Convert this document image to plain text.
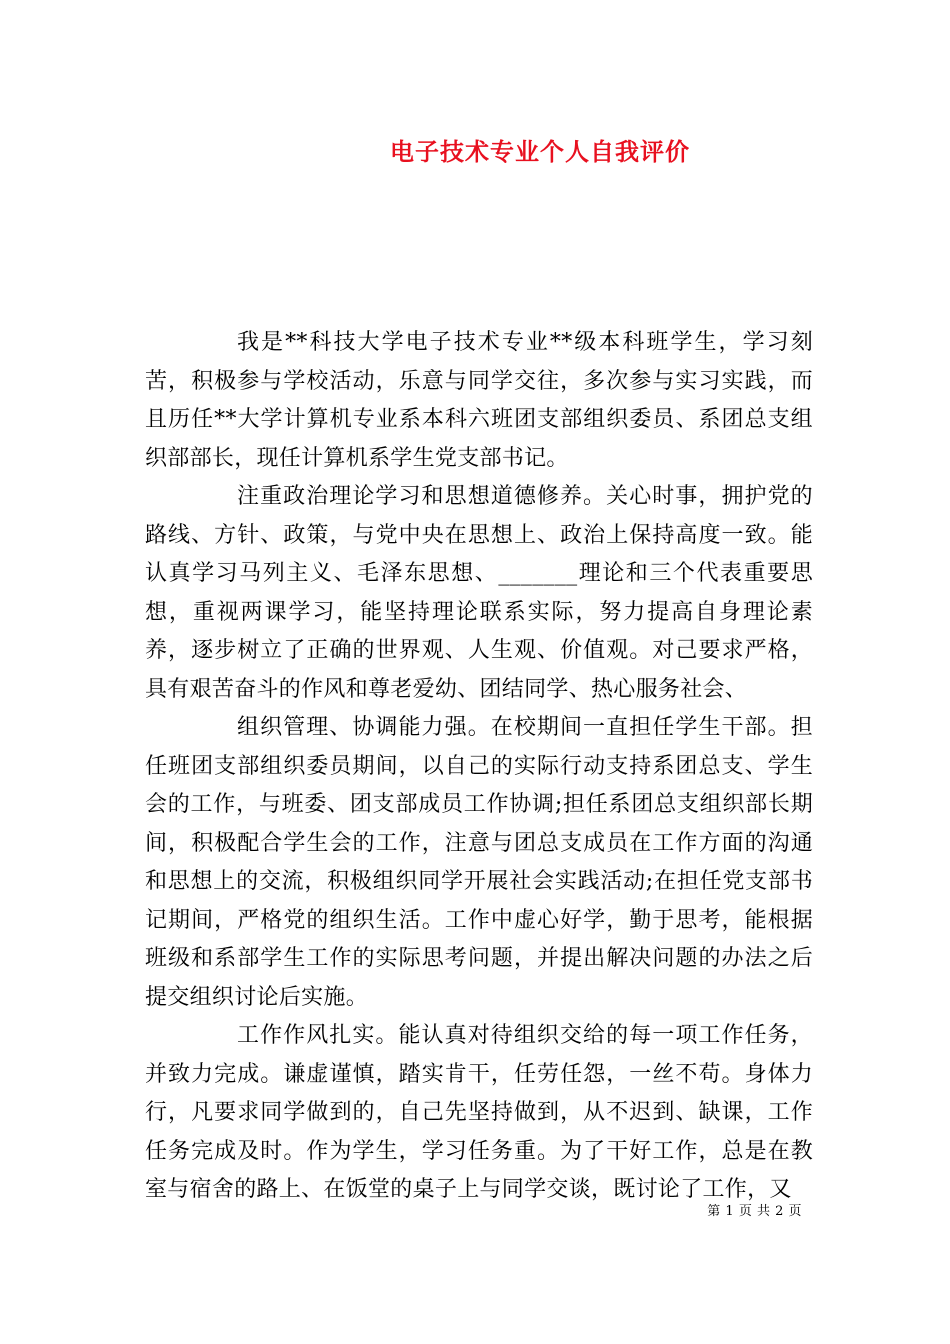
电子技术专业个人自我评价

我是**科技大学电子技术专业**级本科班学生，学习刻苦，积极参与学校活动，乐意与同学交往，多次参与实习实践，而且历任**大学计算机专业系本科六班团支部组织委员、系团总支组织部部长，现任计算机系学生党支部书记。

注重政治理论学习和思想道德修养。关心时事，拥护党的路线、方针、政策，与党中央在思想上、政治上保持高度一致。能认真学习马列主义、毛泽东思想、_______理论和三个代表重要思想，重视两课学习，能坚持理论联系实际，努力提高自身理论素养，逐步树立了正确的世界观、人生观、价值观。对己要求严格，具有艰苦奋斗的作风和尊老爱幼、团结同学、热心服务社会、

组织管理、协调能力强。在校期间一直担任学生干部。担任班团支部组织委员期间，以自己的实际行动支持系团总支、学生会的工作，与班委、团支部成员工作协调;担任系团总支组织部长期间，积极配合学生会的工作，注意与团总支成员在工作方面的沟通和思想上的交流，积极组织同学开展社会实践活动;在担任党支部书记期间，严格党的组织生活。工作中虚心好学，勤于思考，能根据班级和系部学生工作的实际思考问题，并提出解决问题的办法之后提交组织讨论后实施。

工作作风扎实。能认真对待组织交给的每一项工作任务，并致力完成。谦虚谨慎，踏实肯干，任劳任怨，一丝不苟。身体力行，凡要求同学做到的，自己先坚持做到，从不迟到、缺课，工作任务完成及时。作为学生，学习任务重。为了干好工作，总是在教室与宿舍的路上、在饭堂的桌子上与同学交谈，既讨论了工作，又

第 1 页 共 2 页
